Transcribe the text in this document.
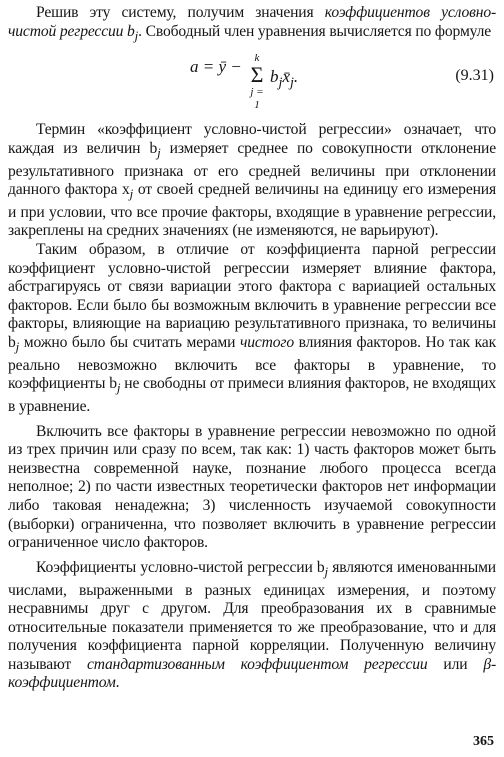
Решив эту систему, получим значения коэффициентов условно-чистой регрессии $b_j$. Свободный член уравнения вычисляется по формуле

a = ȳ −	k
Σ
j = 1
$b_jx̄_j$.	(9.31)

Термин «коэффициент условно-чистой регрессии» означает, что каждая из величин $b_j$ измеряет среднее по совокупности отклонение результативного признака от его средней величины при отклонении данного фактора $x_j$ от своей средней величины на единицу его измерения и при условии, что все прочие факторы, входящие в уравнение регрессии, закреплены на средних значениях (не изменяются, не варьируют).

Таким образом, в отличие от коэффициента парной регрессии коэффициент условно-чистой регрессии измеряет влияние фактора, абстрагируясь от связи вариации этого фактора с вариацией остальных факторов. Если было бы возможным включить в уравнение регрессии все факторы, влияющие на вариацию результативного признака, то величины $b_j$ можно было бы считать мерами чистого влияния факторов. Но так как реально невозможно включить все факторы в уравнение, то коэффициенты $b_j$ не свободны от примеси влияния факторов, не входящих в уравнение.

Включить все факторы в уравнение регрессии невозможно по одной из трех причин или сразу по всем, так как: 1) часть факторов может быть неизвестна современной науке, познание любого процесса всегда неполное; 2) по части известных теоретически факторов нет информации либо таковая ненадежна; 3) численность изучаемой совокупности (выборки) ограниченна, что позволяет включить в уравнение регрессии ограниченное число факторов.

Коэффициенты условно-чистой регрессии $b_j$ являются именованными числами, выраженными в разных единицах измерения, и поэтому несравнимы друг с другом. Для преобразования их в сравнимые относительные показатели применяется то же преобразование, что и для получения коэффициента парной корреляции. Полученную величину называют стандартизованным коэффициентом регрессии или β-коэффициентом.

365
